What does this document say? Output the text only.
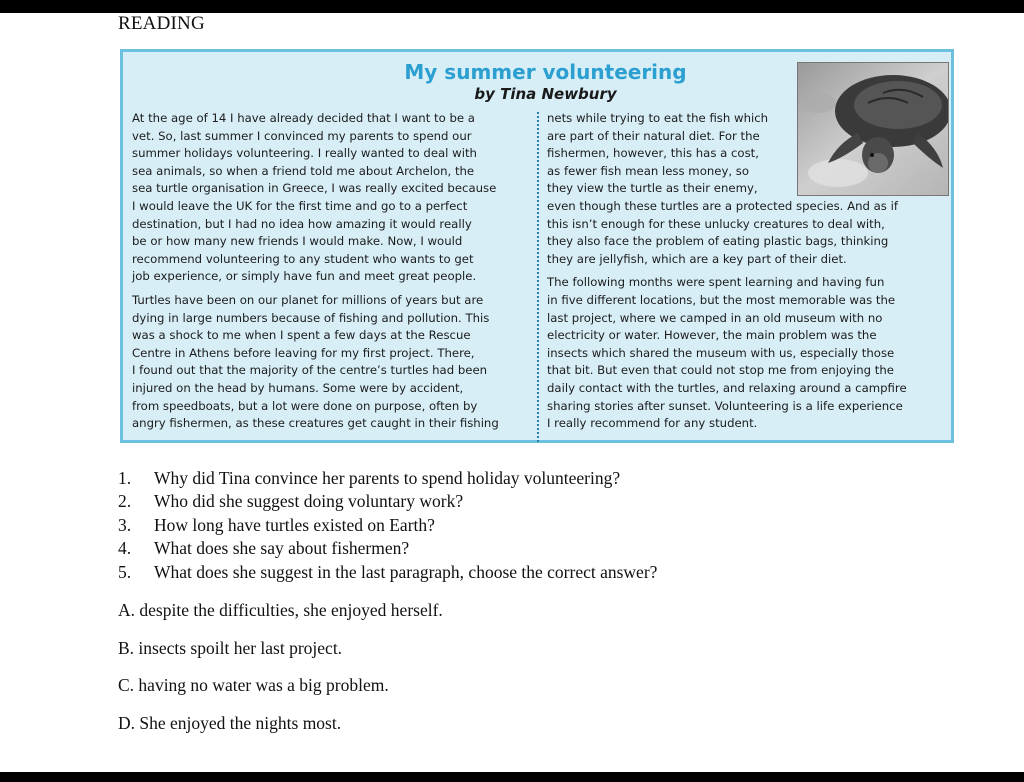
READING
My summer volunteering
by Tina Newbury

At the age of 14 I have already decided that I want to be a

vet. So, last summer I convinced my parents to spend our

summer holidays volunteering. I really wanted to deal with

sea animals, so when a friend told me about Archelon, the

sea turtle organisation in Greece, I was really excited because

I would leave the UK for the first time and go to a perfect

destination, but I had no idea how amazing it would really

be or how many new friends I would make. Now, I would

recommend volunteering to any student who wants to get

job experience, or simply have fun and meet great people.

Turtles have been on our planet for millions of years but are

dying in large numbers because of fishing and pollution. This

was a shock to me when I spent a few days at the Rescue

Centre in Athens before leaving for my first project. There,

I found out that the majority of the centre’s turtles had been

injured on the head by humans. Some were by accident,

from speedboats, but a lot were done on purpose, often by

angry fishermen, as these creatures get caught in their fishing

nets while trying to eat the fish which

are part of their natural diet. For the

fishermen, however, this has a cost,

as fewer fish mean less money, so

they view the turtle as their enemy,

even though these turtles are a protected species. And as if

this isn’t enough for these unlucky creatures to deal with,

they also face the problem of eating plastic bags, thinking

they are jellyfish, which are a key part of their diet.

The following months were spent learning and having fun

in five different locations, but the most memorable was the

last project, where we camped in an old museum with no

electricity or water. However, the main problem was the

insects which shared the museum with us, especially those

that bit. But even that could not stop me from enjoying the

daily contact with the turtles, and relaxing around a campfire

sharing stories after sunset. Volunteering is a life experience

I really recommend for any student.

1. Why did Tina convince her parents to spend holiday volunteering?
2. Who did she suggest doing voluntary work?
3. How long have turtles existed on Earth?
4. What does she say about fishermen?
5. What does she suggest in the last paragraph, choose the correct answer?
A. despite the difficulties, she enjoyed herself.
B. insects spoilt her last project.
C. having no water was a big problem.
D. She enjoyed the nights most.
